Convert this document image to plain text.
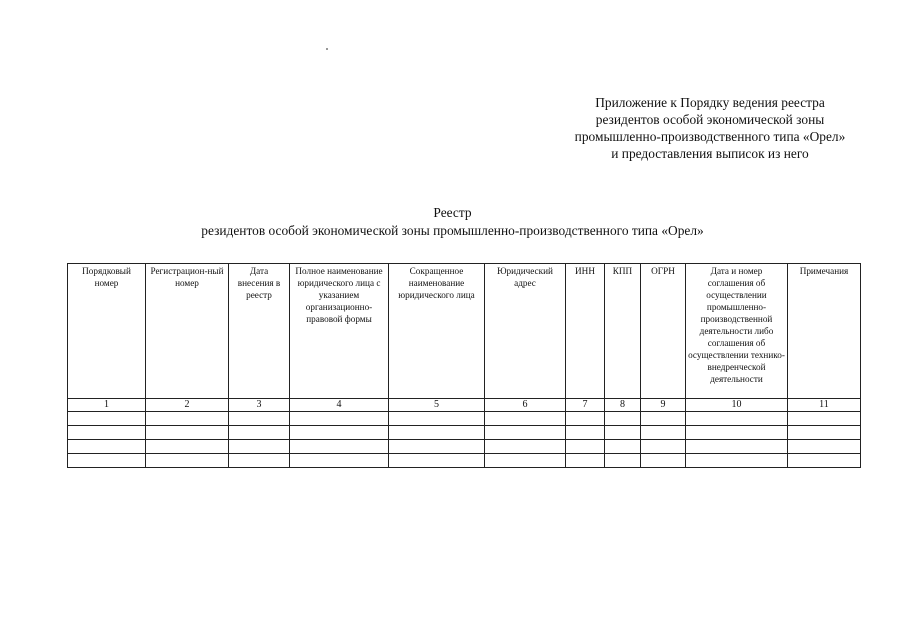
Приложение к Порядку ведения реестра
резидентов особой экономической зоны
промышленно-производственного типа «Орел»
и предоставления выписок из него
Реестр
резидентов особой экономической зоны промышленно-производственного типа «Орел»
Порядковый номер	Регистрацион-ный номер	Дата внесения в реестр	Полное наименование юридического лица с указанием организационно-правовой формы	Сокращенное наименование юридического лица	Юридический адрес	ИНН	КПП	ОГРН	Дата и номер соглашения об осуществлении промышленно-производственной деятельности либо соглашения об осуществлении технико-внедренческой деятельности	Примечания
1	2	3	4	5	6	7	8	9	10	11
